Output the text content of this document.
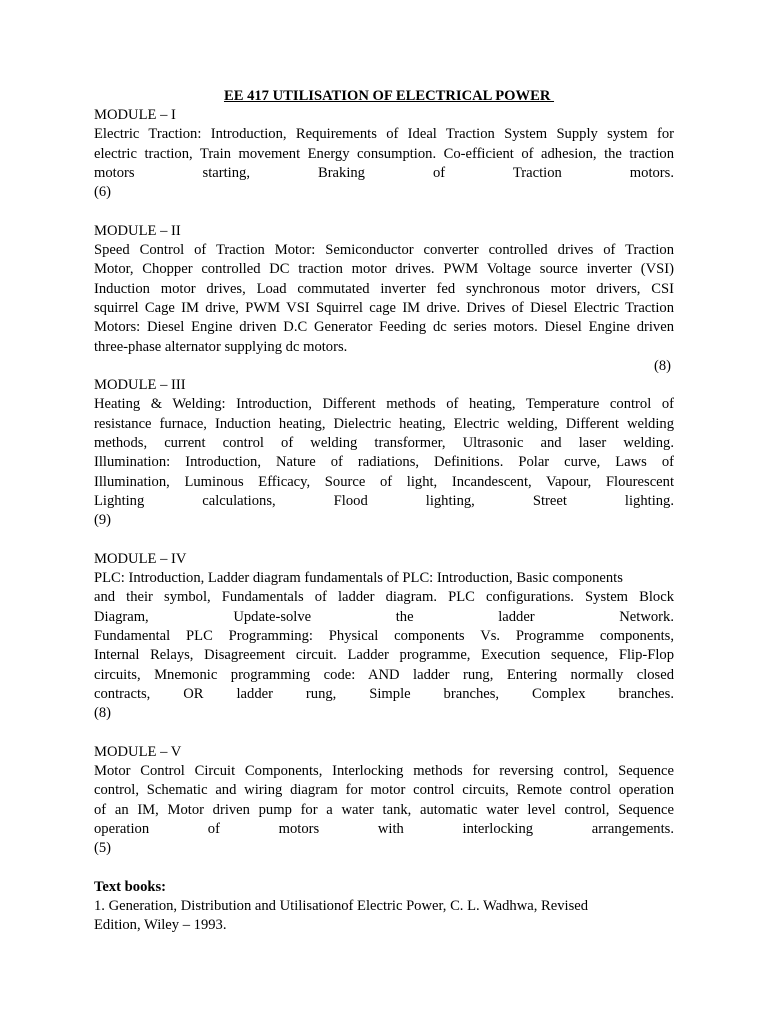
EE 417 UTILISATION OF ELECTRICAL POWER

MODULE – I

Electric Traction: Introduction, Requirements of Ideal Traction System Supply system for

electric traction, Train movement Energy consumption. Co-efficient of adhesion, the traction

motors starting, Braking of Traction motors.

(6)

MODULE – II

Speed Control of Traction Motor: Semiconductor converter controlled drives of Traction

Motor, Chopper controlled DC traction motor drives. PWM Voltage source inverter (VSI)

Induction motor drives, Load commutated inverter fed synchronous motor drivers, CSI

squirrel Cage IM drive, PWM VSI Squirrel cage IM drive. Drives of Diesel Electric Traction

Motors: Diesel Engine driven D.C Generator Feeding dc series motors. Diesel Engine driven

three-phase alternator supplying dc motors.

(8)

MODULE – III

Heating & Welding: Introduction, Different methods of heating, Temperature control of

resistance furnace, Induction heating, Dielectric heating, Electric welding, Different welding

methods, current control of welding transformer, Ultrasonic and laser welding.

Illumination: Introduction, Nature of radiations, Definitions. Polar curve, Laws of

Illumination, Luminous Efficacy, Source of light, Incandescent, Vapour, Flourescent

Lighting calculations, Flood lighting, Street lighting.

(9)

MODULE – IV

PLC: Introduction, Ladder diagram fundamentals of PLC: Introduction, Basic components

and their symbol, Fundamentals of ladder diagram. PLC configurations. System Block

Diagram, Update-solve the ladder Network.

Fundamental PLC Programming: Physical components Vs. Programme components,

Internal Relays, Disagreement circuit. Ladder programme, Execution sequence, Flip-Flop

circuits, Mnemonic programming code: AND ladder rung, Entering normally closed

contracts, OR ladder rung, Simple branches, Complex branches.

(8)

MODULE – V

Motor Control Circuit Components, Interlocking methods for reversing control, Sequence

control, Schematic and wiring diagram for motor control circuits, Remote control operation

of an IM, Motor driven pump for a water tank, automatic water level control, Sequence

operation of motors with interlocking arrangements.

(5)

Text books:

1. Generation, Distribution and Utilisationof Electric Power, C. L. Wadhwa, Revised

Edition, Wiley – 1993.
